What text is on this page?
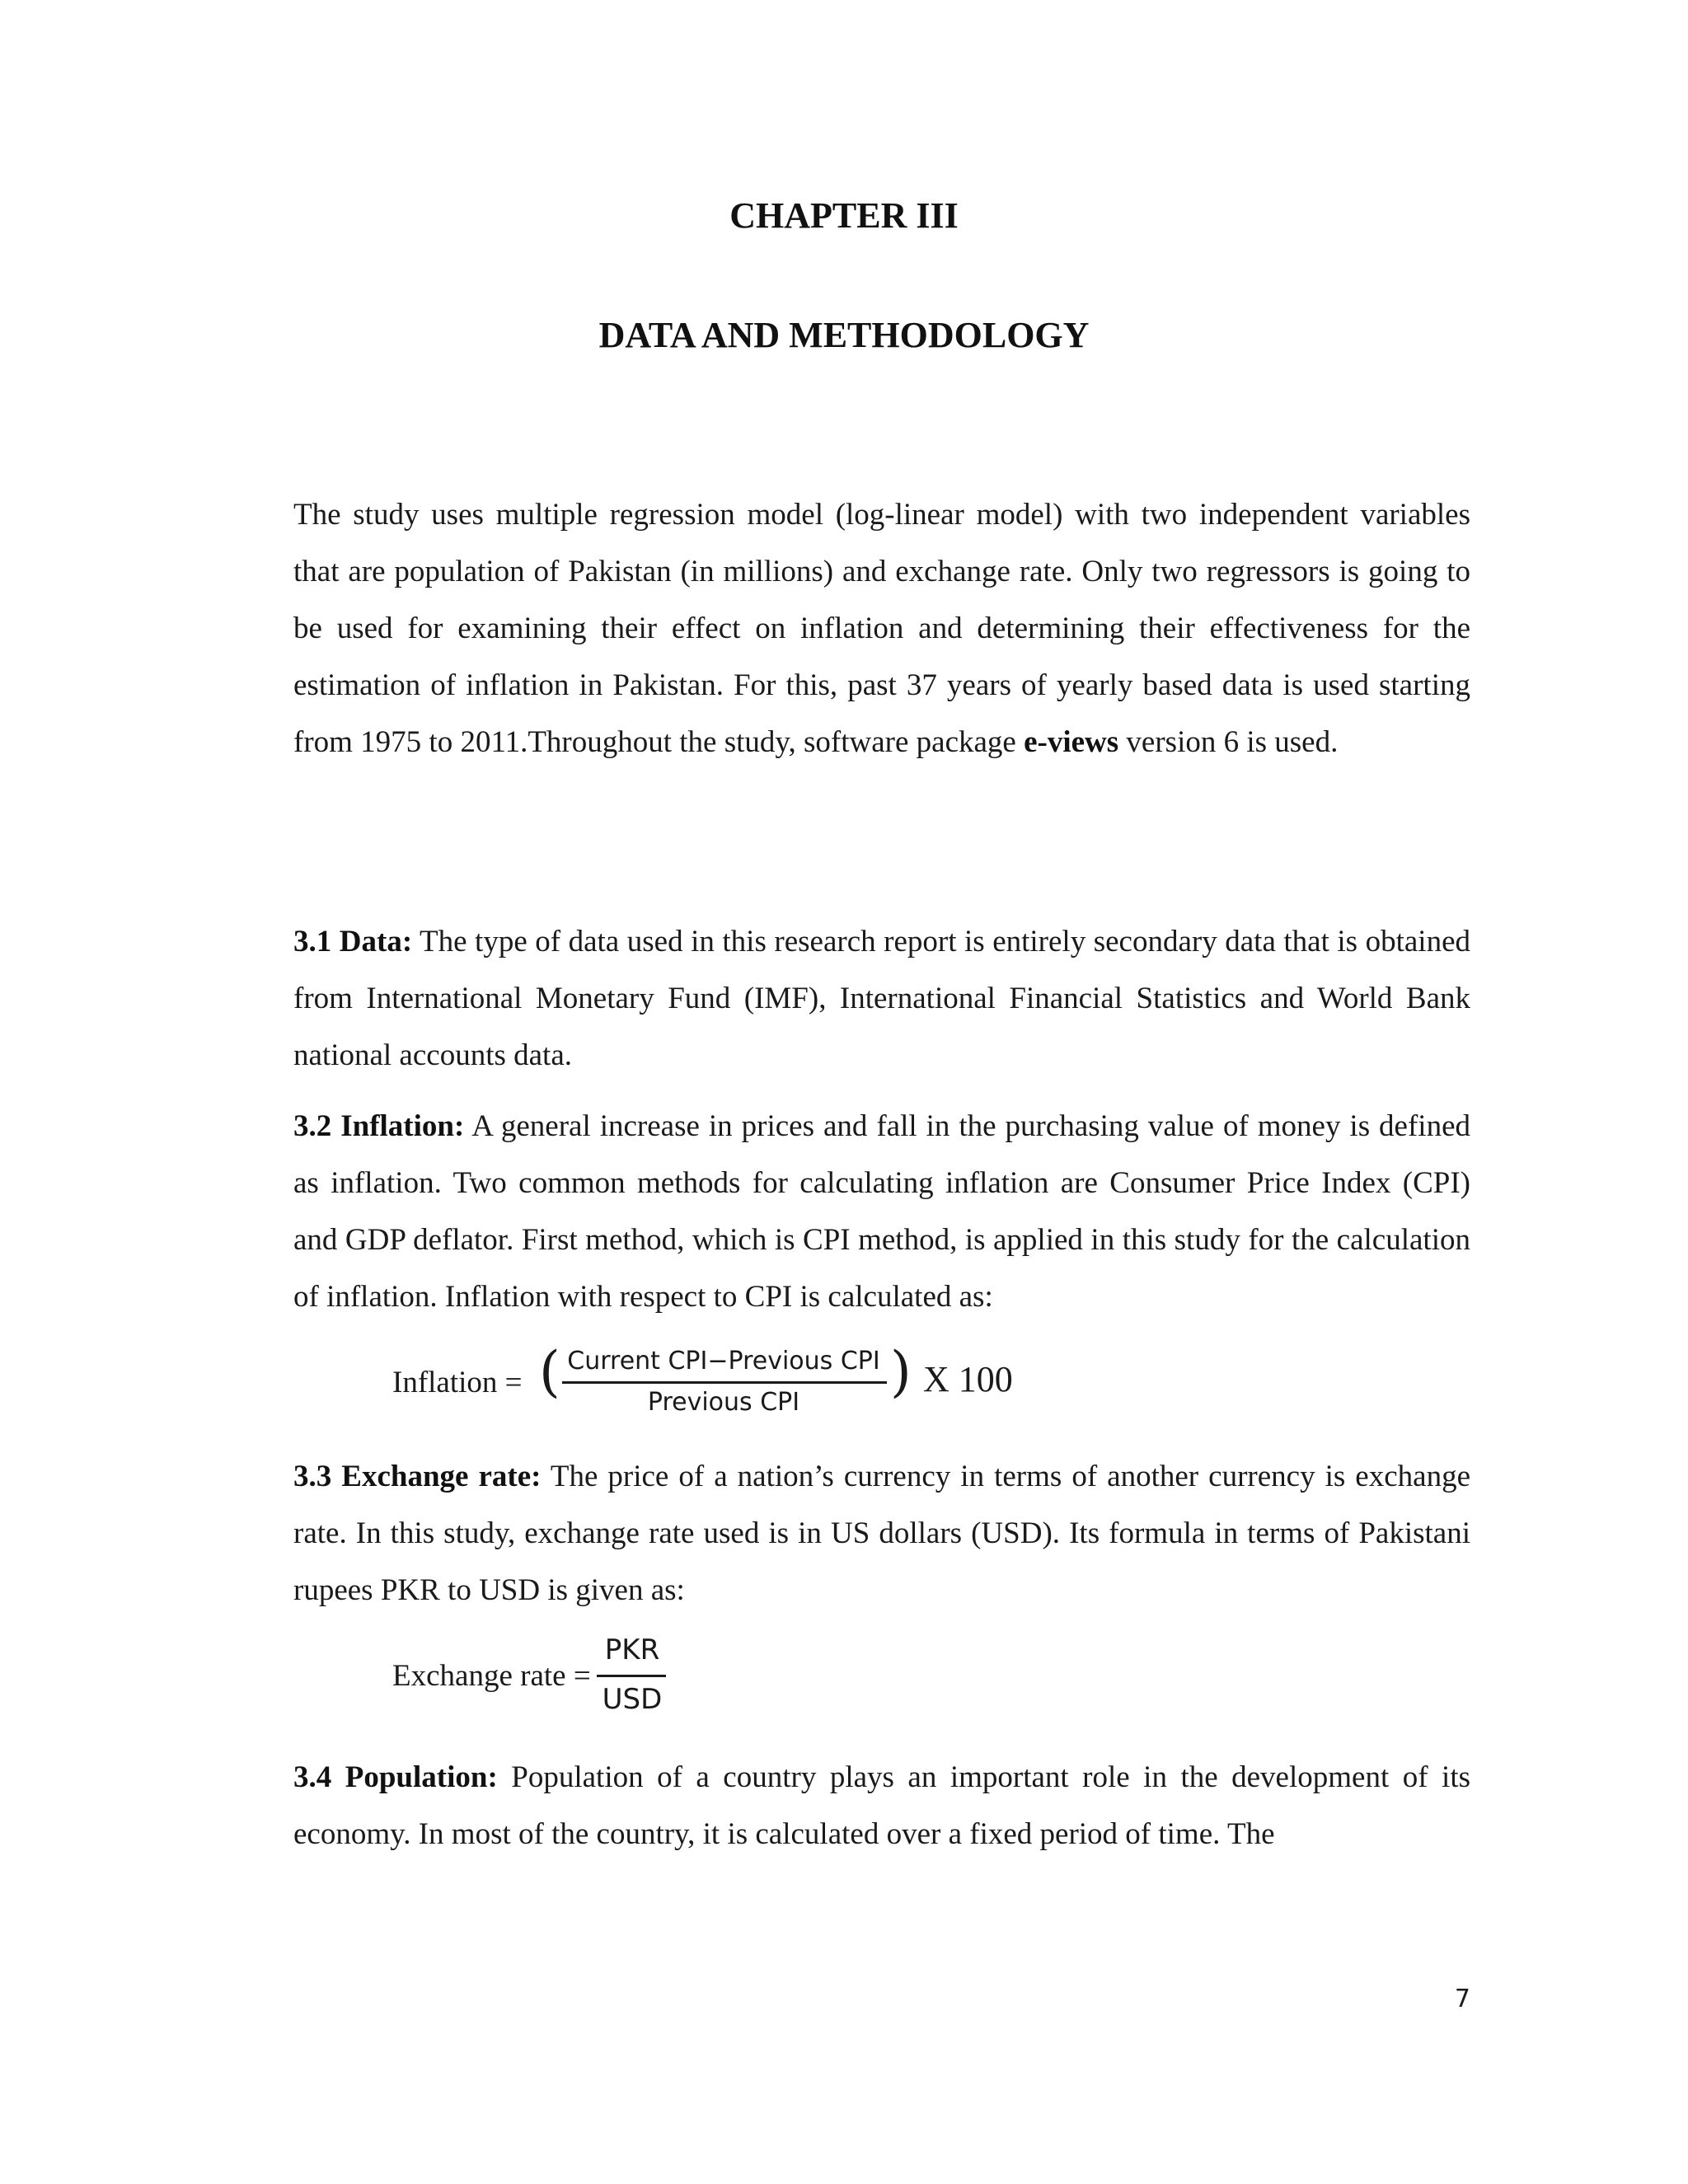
CHAPTER III
DATA AND METHODOLOGY

The study uses multiple regression model (log-linear model) with two independent variables that are population of Pakistan (in millions) and exchange rate. Only two regressors is going to be used for examining their effect on inflation and determining their effectiveness for the estimation of inflation in Pakistan. For this, past 37 years of yearly based data is used starting from 1975 to 2011.Throughout the study, software package e-views version 6 is used.

3.1 Data: The type of data used in this research report is entirely secondary data that is obtained from International Monetary Fund (IMF), International Financial Statistics and World Bank national accounts data.

3.2 Inflation: A general increase in prices and fall in the purchasing value of money is defined as inflation. Two common methods for calculating inflation are Consumer Price Index (CPI) and GDP deflator. First method, which is CPI method, is applied in this study for the calculation of inflation. Inflation with respect to CPI is calculated as:

Inflation = ( Current CPI−Previous CPI
Previous CPI	) X 100

3.3 Exchange rate: The price of a nation’s currency in terms of another currency is exchange rate. In this study, exchange rate used is in US dollars (USD). Its formula in terms of Pakistani rupees PKR to USD is given as:

Exchange rate =
PKR
USD

3.4 Population: Population of a country plays an important role in the development of its economy. In most of the country, it is calculated over a fixed period of time. The

7
